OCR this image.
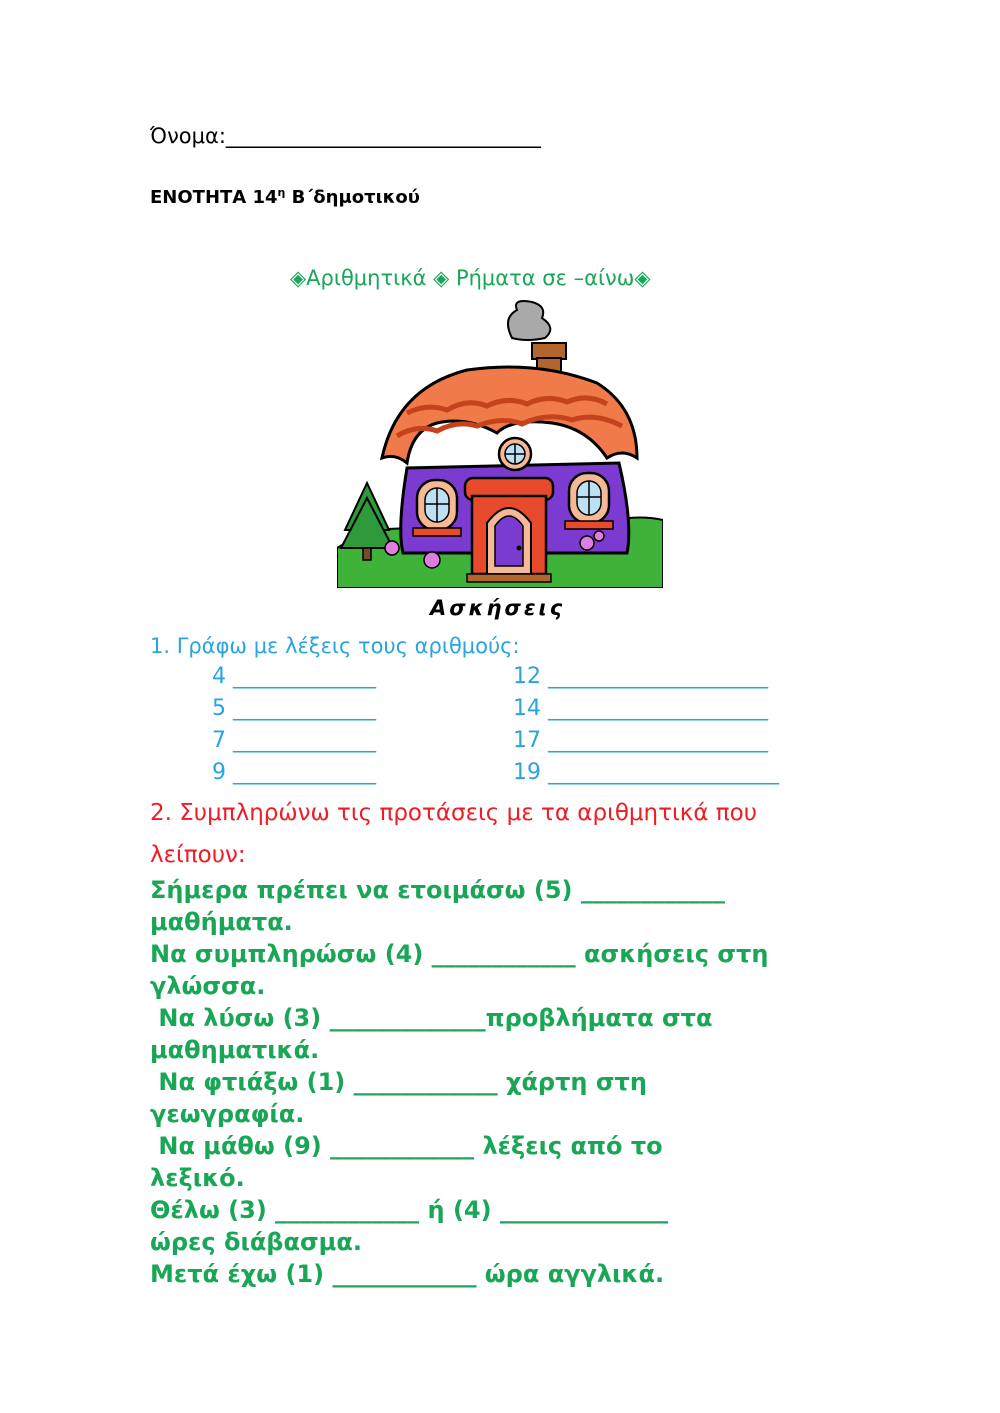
Όνομα:______________________________
ΕΝΟΤΗΤΑ $14^\eta$ Β΄δημοτικού
◈Αριθμητικά ◈ Ρήματα σε –αίνω◈
Ασκήσεις
1. Γράφω με λέξεις τους αριθμούς:
4 _____________
5 _____________
7 _____________
9 _____________
12 ____________________
14 ____________________
17 ____________________
19 _____________________
2. Συμπληρώνω τις προτάσεις με τα αριθμητικά που
λείπουν:
Σήμερα πρέπει να ετοιμάσω (5) ____________
μαθήματα.
Να συμπληρώσω (4) ____________ ασκήσεις στη
γλώσσα.
Να λύσω (3) _____________προβλήματα στα
μαθηματικά.
Να φτιάξω (1) ____________ χάρτη στη
γεωγραφία.
Να μάθω (9) ____________ λέξεις από το
λεξικό.
Θέλω (3) ____________ ή (4) ______________
ώρες διάβασμα.
Μετά έχω (1) ____________ ώρα αγγλικά.
